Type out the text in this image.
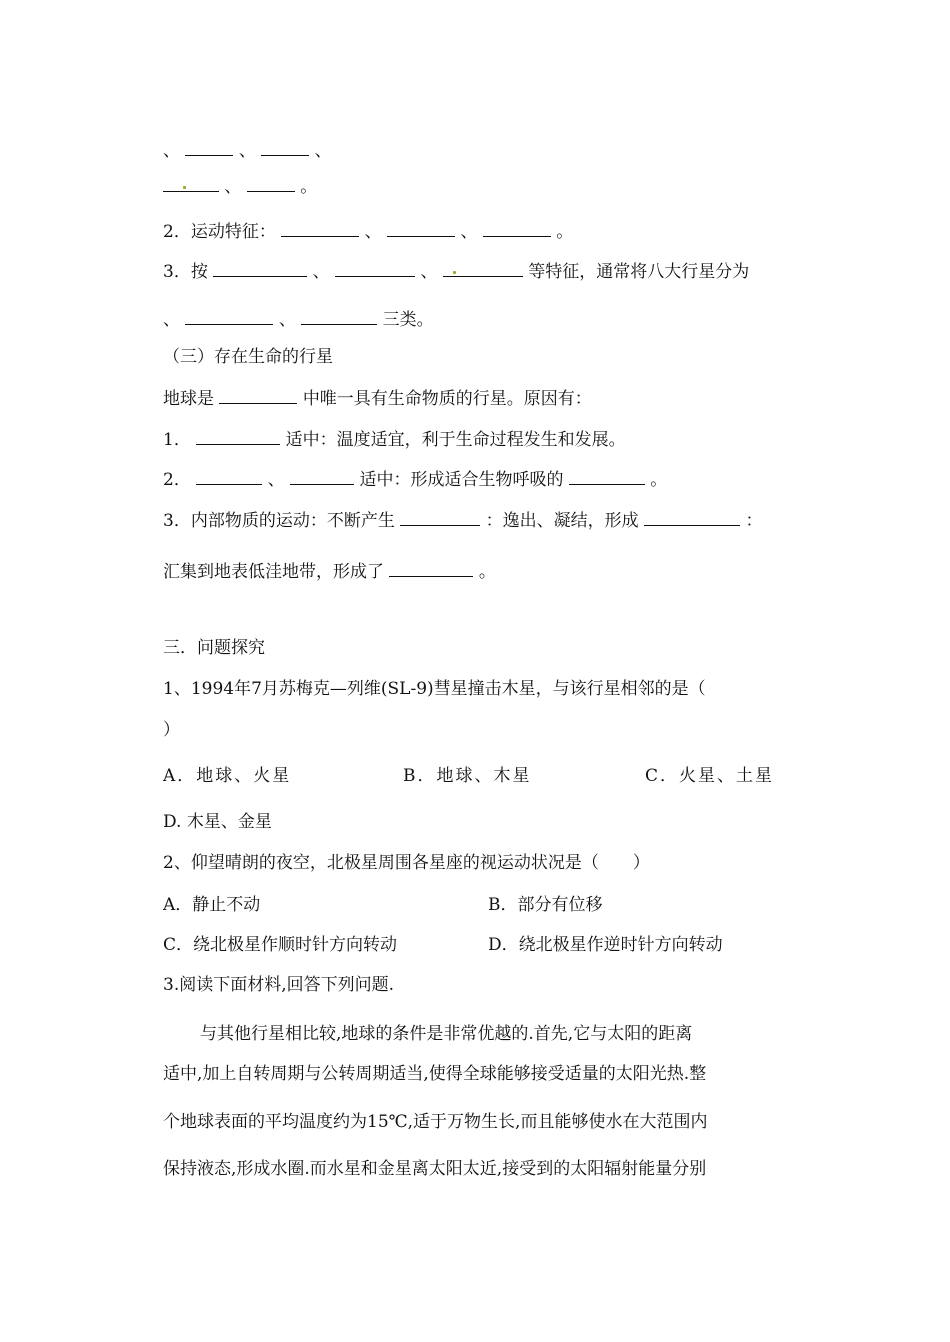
、	、	、
、	。
2．运动特征：	、	、	。
3．按	、	、	等特征，通常将八大行星分为
、	、	三类。
（三）存在生命的行星
地球是	中唯一具有生命物质的行星。原因有：
1．	适中：温度适宜，利于生命过程发生和发展。
2．	、	适中：形成适合生物呼吸的	。
3．内部物质的运动：不断产生	：逸出、凝结，形成	：
汇集到地表低洼地带，形成了	。
三．问题探究
1、1994年7月苏梅克—列维(SL-9)彗星撞击木星，与该行星相邻的是（
）
A．地球、火星	B．地球、木星	C．火星、土星
D. 木星、金星
2、仰望晴朗的夜空，北极星周围各星座的视运动状况是（　　）
A．静止不动	B．部分有位移
C．绕北极星作顺时针方向转动	D．绕北极星作逆时针方向转动
3.阅读下面材料,回答下列问题.
与其他行星相比较,地球的条件是非常优越的.首先,它与太阳的距离
适中,加上自转周期与公转周期适当,使得全球能够接受适量的太阳光热.整
个地球表面的平均温度约为15℃,适于万物生长,而且能够使水在大范围内
保持液态,形成水圈.而水星和金星离太阳太近,接受到的太阳辐射能量分别
